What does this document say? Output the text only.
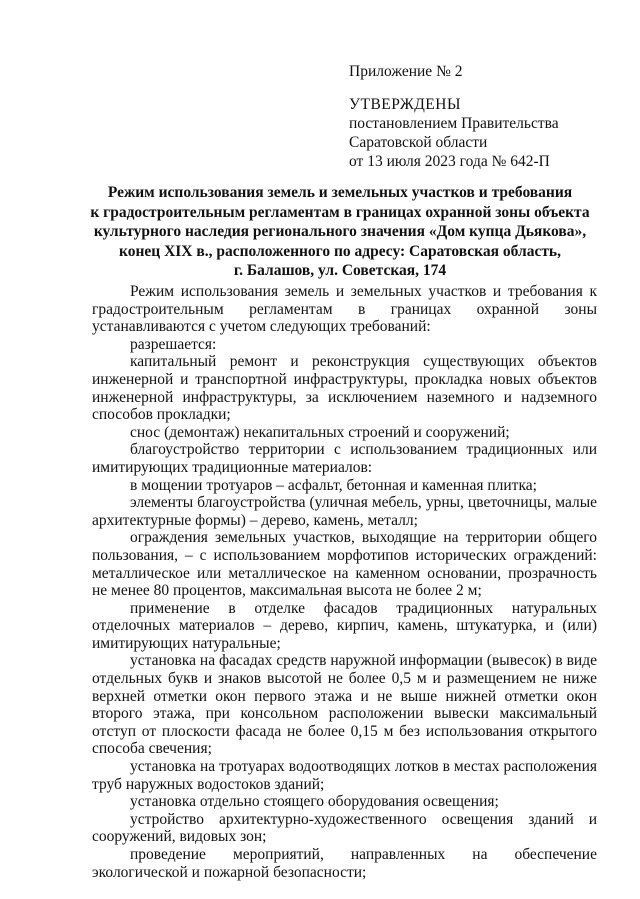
Приложение № 2
УТВЕРЖДЕНЫ
постановлением Правительства
Саратовской области
от 13 июля 2023 года № 642-П
Режим использования земель и земельных участков и требования
к градостроительным регламентам в границах охранной зоны объекта
культурного наследия регионального значения «Дом купца Дьякова»,
конец XIX в., расположенного по адресу: Саратовская область,
г. Балашов, ул. Советская, 174

Режим использования земель и земельных участков и требования к градостроительным регламентам в границах охранной зоны устанавливаются с учетом следующих требований:

разрешается:

капитальный ремонт и реконструкция существующих объектов инженерной и транспортной инфраструктуры, прокладка новых объектов инженерной инфраструктуры, за исключением наземного и надземного способов прокладки;

снос (демонтаж) некапитальных строений и сооружений;

благоустройство территории с использованием традиционных или имитирующих традиционные материалов:

в мощении тротуаров – асфальт, бетонная и каменная плитка;

элементы благоустройства (уличная мебель, урны, цветочницы, малые архитектурные формы) – дерево, камень, металл;

ограждения земельных участков, выходящие на территории общего пользования, – с использованием морфотипов исторических ограждений: металлическое или металлическое на каменном основании, прозрачность не менее 80 процентов, максимальная высота не более 2 м;

применение в отделке фасадов традиционных натуральных отделочных материалов – дерево, кирпич, камень, штукатурка, и (или) имитирующих натуральные;

установка на фасадах средств наружной информации (вывесок) в виде отдельных букв и знаков высотой не более 0,5 м и размещением не ниже верхней отметки окон первого этажа и не выше нижней отметки окон второго этажа, при консольном расположении вывески максимальный отступ от плоскости фасада не более 0,15 м без использования открытого способа свечения;

установка на тротуарах водоотводящих лотков в местах расположения труб наружных водостоков зданий;

установка отдельно стоящего оборудования освещения;

устройство архитектурно-художественного освещения зданий и сооружений, видовых зон;

проведение мероприятий, направленных на обеспечение экологической и пожарной безопасности;
